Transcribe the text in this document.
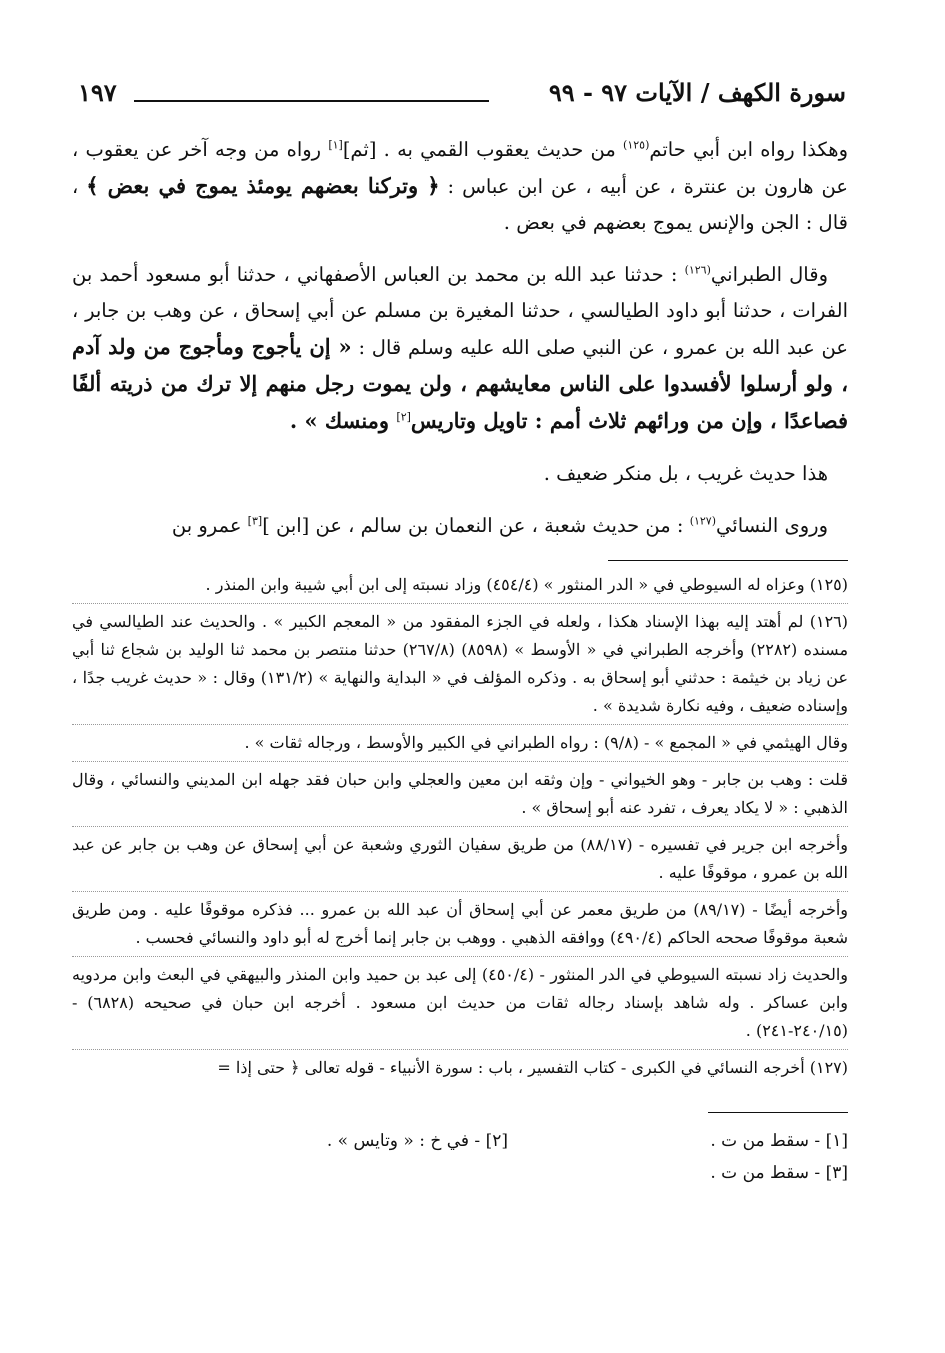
سورة الكهف / الآيات ٩٧ - ٩٩
١٩٧

وهكذا رواه ابن أبي حاتم$^{(١٢٥)}$ من حديث يعقوب القمي به . [ثم][١] رواه من وجه آخر عن يعقوب ، عن هارون بن عنترة ، عن أبيه ، عن ابن عباس : ﴿ وتركنا بعضهم يومئذ يموج في بعض ﴾ ، قال : الجن والإنس يموج بعضهم في بعض .

وقال الطبراني$^{(١٢٦)}$ : حدثنا عبد الله بن محمد بن العباس الأصفهاني ، حدثنا أبو مسعود أحمد بن الفرات ، حدثنا أبو داود الطيالسي ، حدثنا المغيرة بن مسلم عن أبي إسحاق ، عن وهب بن جابر ، عن عبد الله بن عمرو ، عن النبي صلى الله عليه وسلم قال : « إن يأجوج ومأجوج من ولد آدم ، ولو أرسلوا لأفسدوا على الناس معايشهم ، ولن يموت رجل منهم إلا ترك من ذريته ألفًا فصاعدًا ، وإن من ورائهم ثلاث أمم : تاويل وتاريس[٢] ومنسك » .

هذا حديث غريب ، بل منكر ضعيف .

وروى النسائي$^{(١٢٧)}$ : من حديث شعبة ، عن النعمان بن سالم ، عن [ابن ][٣] عمرو بن

(١٢٥) وعزاه له السيوطي في « الدر المنثور » (٤٥٤/٤) وزاد نسبته إلى ابن أبي شيبة وابن المنذر .

(١٢٦) لم أهتد إليه بهذا الإسناد هكذا ، ولعله في الجزء المفقود من « المعجم الكبير » . والحديث عند الطيالسي في مسنده (٢٢٨٢) وأخرجه الطبراني في « الأوسط » (٨٥٩٨) (٢٦٧/٨) حدثنا منتصر بن محمد ثنا الوليد بن شجاع ثنا أبي عن زياد بن خيثمة : حدثني أبو إسحاق به . وذكره المؤلف في « البداية والنهاية » (١٣١/٢) وقال : « حديث غريب جدًا ، وإسناده ضعيف ، وفيه نكارة شديدة » .

وقال الهيثمي في « المجمع » - (٩/٨) : رواه الطبراني في الكبير والأوسط ، ورجاله ثقات » .

قلت : وهب بن جابر - وهو الخيواني - وإن وثقه ابن معين والعجلي وابن حبان فقد جهله ابن المديني والنسائي ، وقال الذهبي : « لا يكاد يعرف ، تفرد عنه أبو إسحاق » .

وأخرجه ابن جرير في تفسيره - (٨٨/١٧) من طريق سفيان الثوري وشعبة عن أبي إسحاق عن وهب بن جابر عن عبد الله بن عمرو ، موقوفًا عليه .

وأخرجه أيضًا - (٨٩/١٧) من طريق معمر عن أبي إسحاق أن عبد الله بن عمرو ... فذكره موقوفًا عليه . ومن طريق شعبة موقوفًا صححه الحاكم (٤٩٠/٤) ووافقه الذهبي . ووهب بن جابر إنما أخرج له أبو داود والنسائي فحسب .

والحديث زاد نسبته السيوطي في الدر المنثور - (٤٥٠/٤) إلى عبد بن حميد وابن المنذر والبيهقي في البعث وابن مردويه وابن عساكر . وله شاهد بإسناد رجاله ثقات من حديث ابن مسعود . أخرجه ابن حبان في صحيحه (٦٨٢٨) - (٢٤٠/١٥-٢٤١) .

(١٢٧) أخرجه النسائي في الكبرى - كتاب التفسير ، باب : سورة الأنبياء - قوله تعالى ﴿ حتى إذا =

[١] - سقط من ت .
[٢] - في خ : « وتايس » .
[٣] - سقط من ت .
